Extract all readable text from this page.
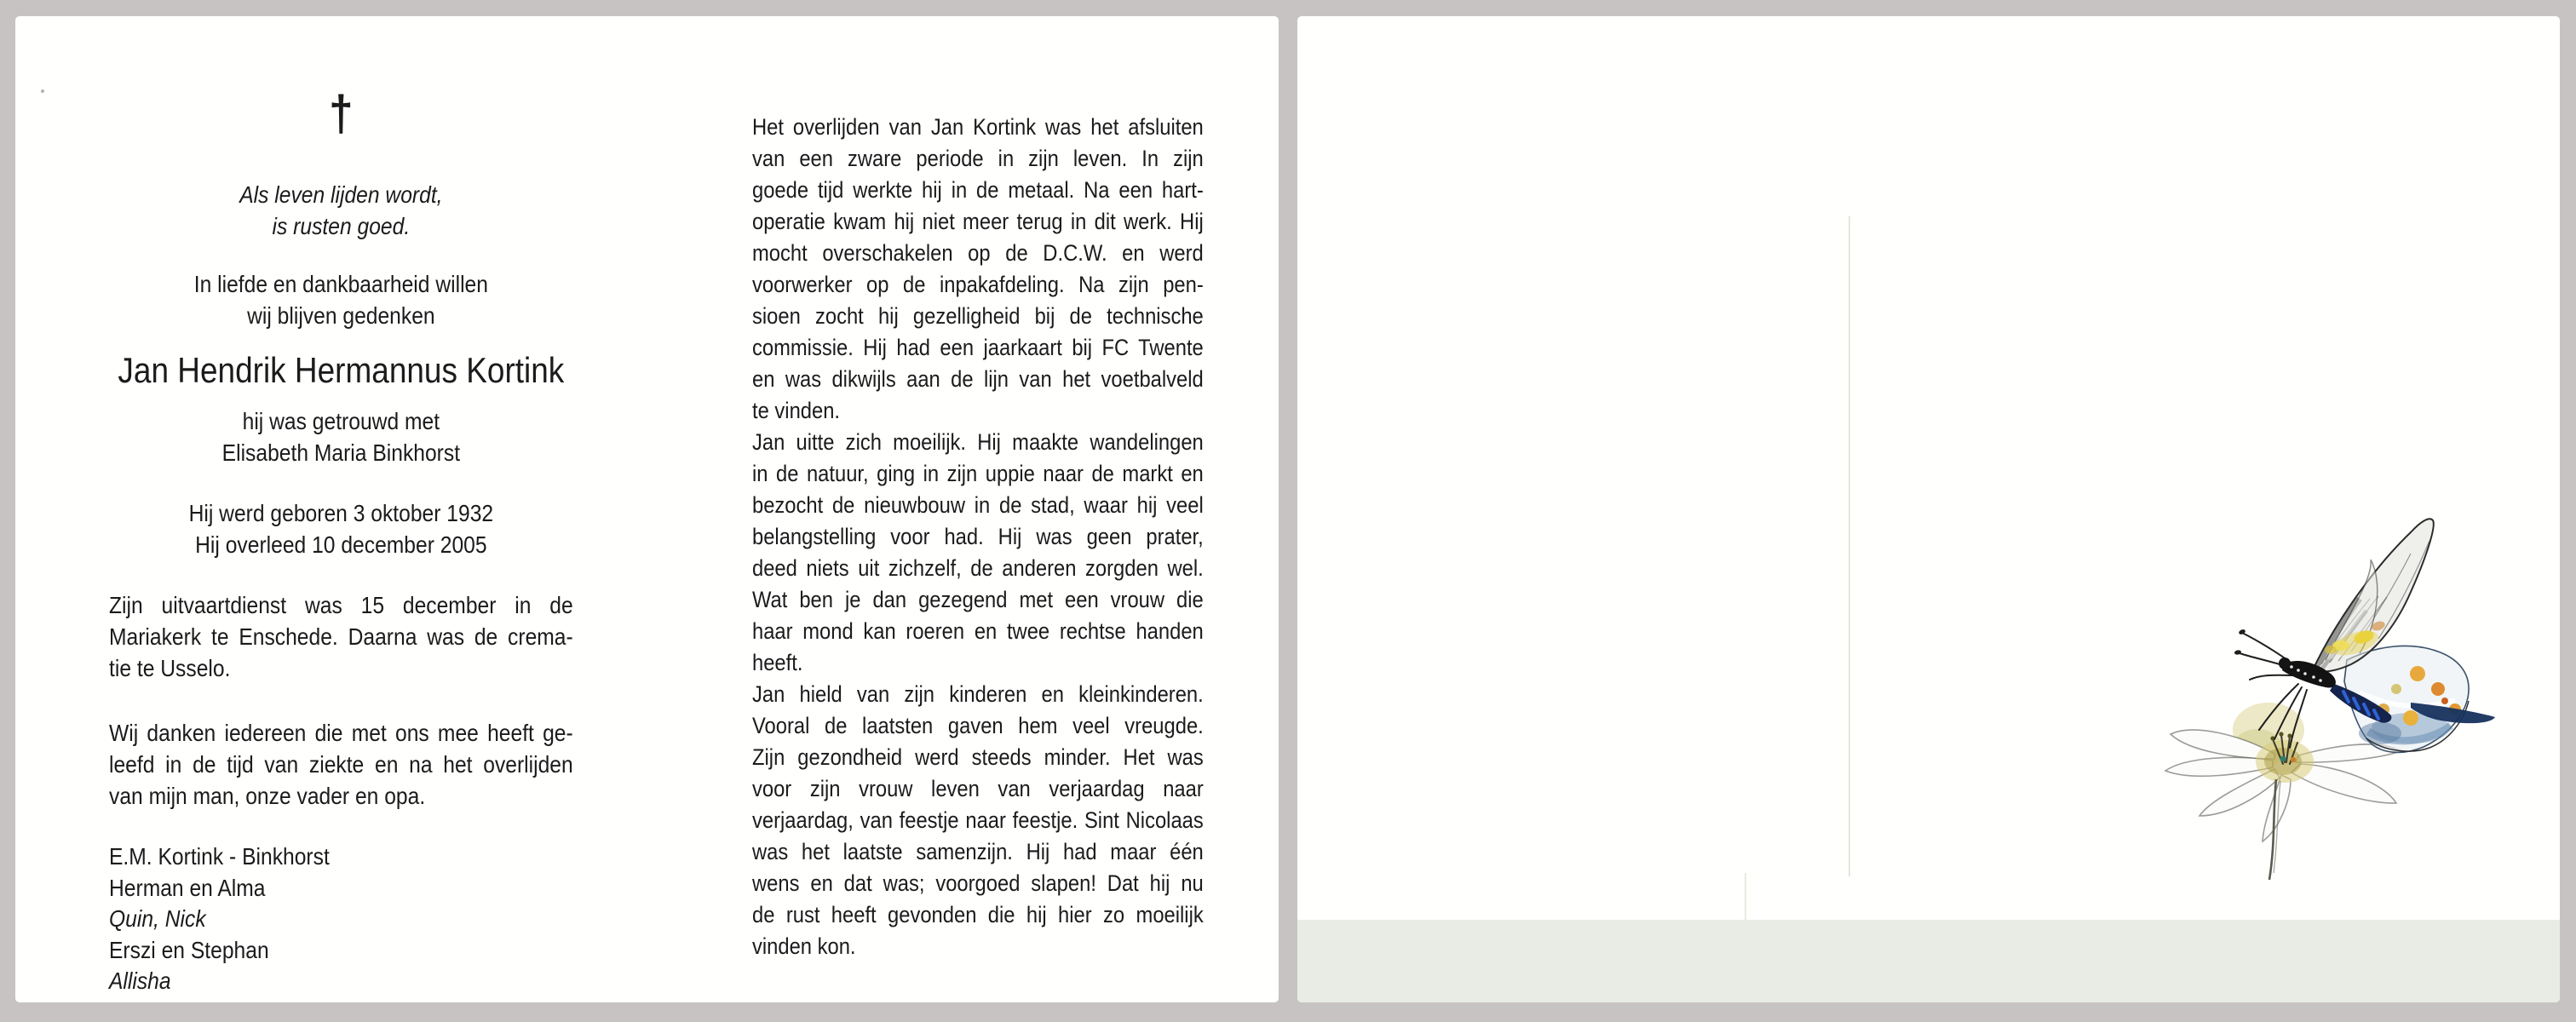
†
Als leven lijden wordt,
is rusten goed.
In liefde en dankbaarheid willen
wij blijven gedenken
Jan Hendrik Hermannus Kortink
hij was getrouwd met
Elisabeth Maria Binkhorst
Hij werd geboren 3 oktober 1932
Hij overleed 10 december 2005
Zijn uitvaartdienst was 15 december in de
Mariakerk te Enschede. Daarna was de crema-
tie te Usselo.
Wij danken iedereen die met ons mee heeft ge-
leefd in de tijd van ziekte en na het overlijden
van mijn man, onze vader en opa.
E.M. Kortink - Binkhorst
Herman en Alma
Quin, Nick
Erszi en Stephan
Allisha
Het overlijden van Jan Kortink was het afsluiten
van een zware periode in zijn leven. In zijn
goede tijd werkte hij in de metaal. Na een hart-
operatie kwam hij niet meer terug in dit werk. Hij
mocht overschakelen op de D.C.W. en werd
voorwerker op de inpakafdeling. Na zijn pen-
sioen zocht hij gezelligheid bij de technische
commissie. Hij had een jaarkaart bij FC Twente
en was dikwijls aan de lijn van het voetbalveld
te vinden.
Jan uitte zich moeilijk. Hij maakte wandelingen
in de natuur, ging in zijn uppie naar de markt en
bezocht de nieuwbouw in de stad, waar hij veel
belangstelling voor had. Hij was geen prater,
deed niets uit zichzelf, de anderen zorgden wel.
Wat ben je dan gezegend met een vrouw die
haar mond kan roeren en twee rechtse handen
heeft.
Jan hield van zijn kinderen en kleinkinderen.
Vooral de laatsten gaven hem veel vreugde.
Zijn gezondheid werd steeds minder. Het was
voor zijn vrouw leven van verjaardag naar
verjaardag, van feestje naar feestje. Sint Nicolaas
was het laatste samenzijn. Hij had maar één
wens en dat was; voorgoed slapen! Dat hij nu
de rust heeft gevonden die hij hier zo moeilijk
vinden kon.
